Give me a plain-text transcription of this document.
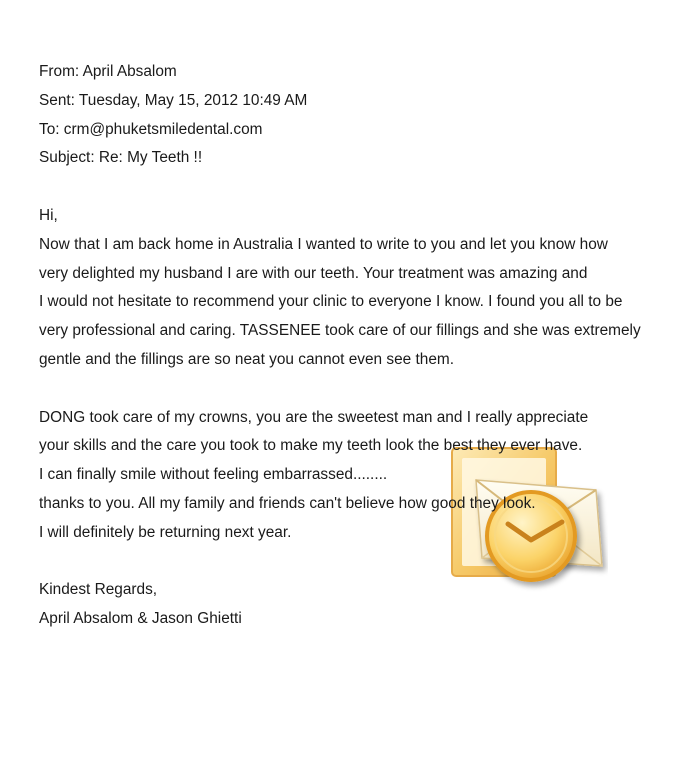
From: April Absalom
Sent: Tuesday, May 15, 2012 10:49 AM
To: crm@phuketsmiledental.com
Subject: Re: My Teeth !!
Hi,
Now that I am back home in Australia I wanted to write to you and let you know how
very delighted my husband I are with our teeth. Your treatment was amazing and
I would not hesitate to recommend your clinic to everyone I know. I found you all to be
very professional and caring. TASSENEE took care of our fillings and she was extremely
gentle and the fillings are so neat you cannot even see them.
DONG took care of my crowns, you are the sweetest man and I really appreciate
your skills and the care you took to make my teeth look the best they ever have.
I can finally smile without feeling embarrassed........
thanks to you. All my family and friends can't believe how good they look.
I will definitely be returning next year.
Kindest Regards,
April Absalom & Jason Ghietti
